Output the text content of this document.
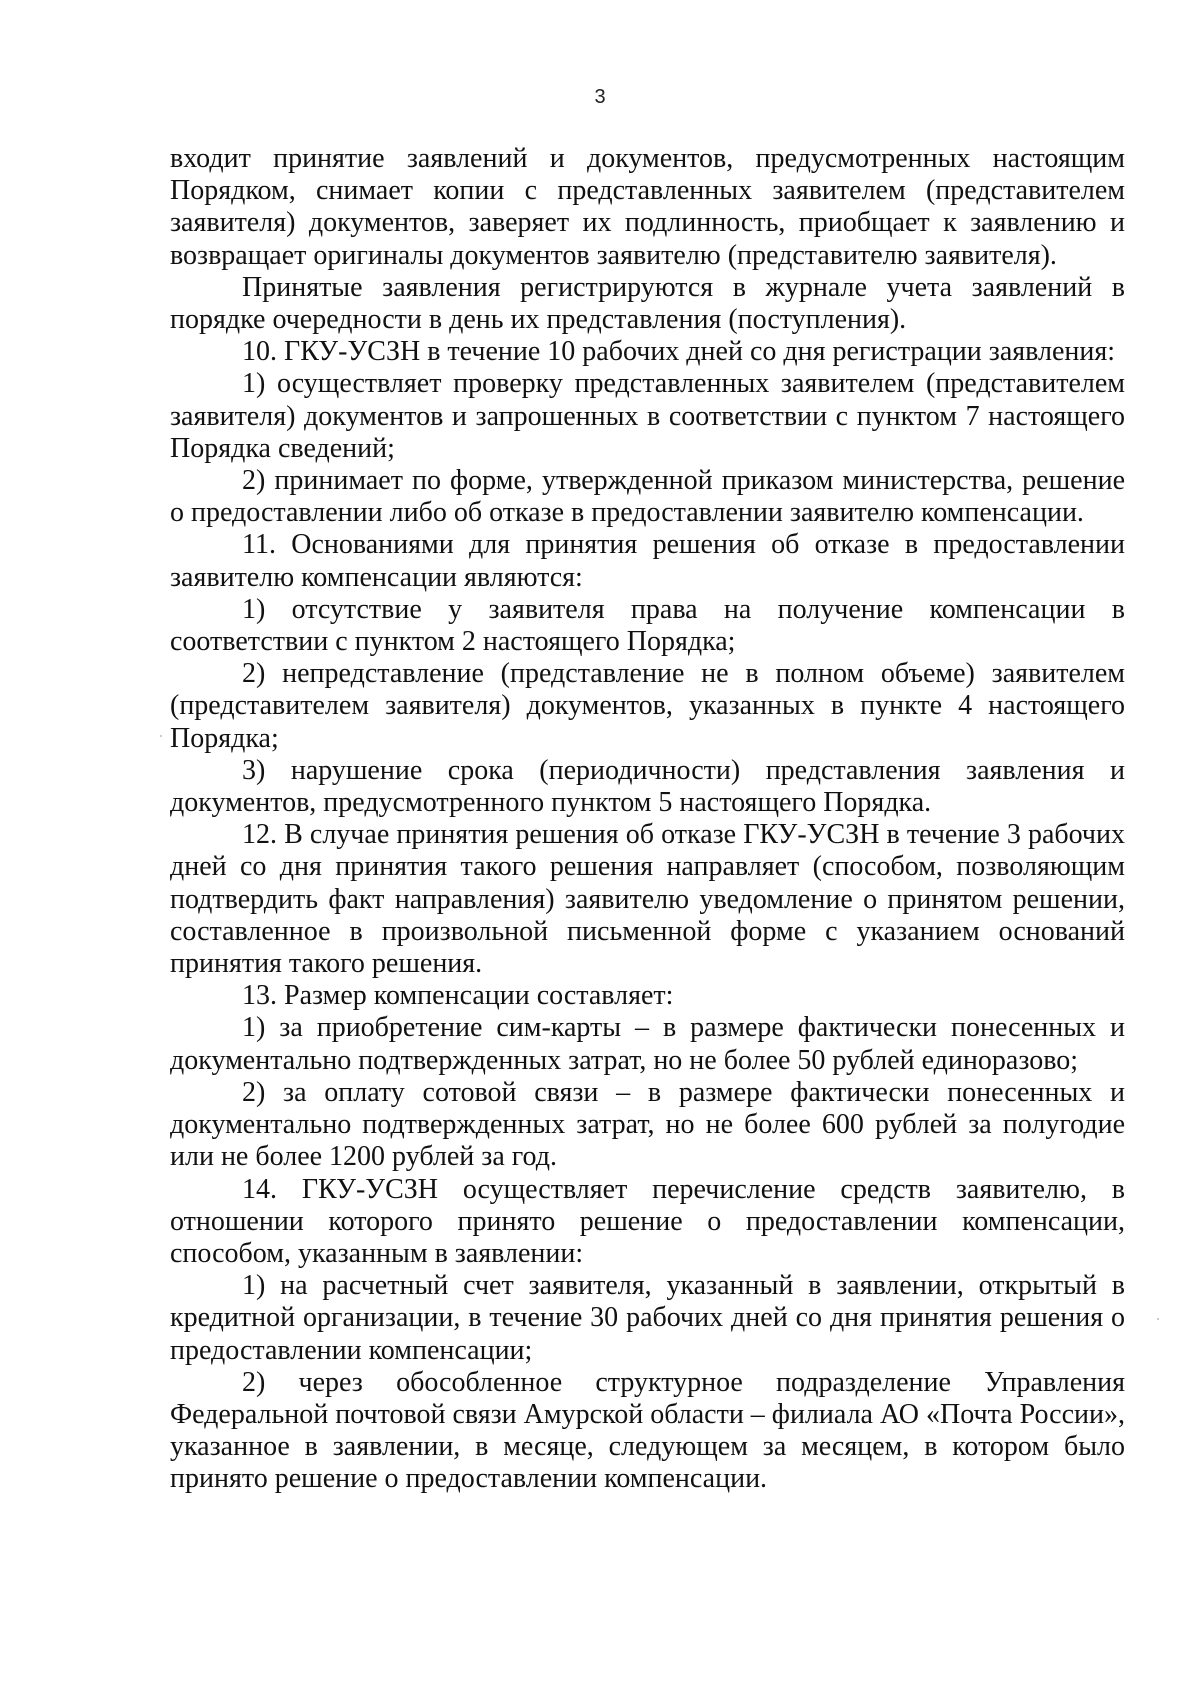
3

входит принятие заявлений и документов, предусмотренных настоящим Порядком, снимает копии с представленных заявителем (представителем заявителя) документов, заверяет их подлинность, приобщает к заявлению и возвращает оригиналы документов заявителю (представителю заявителя).

Принятые заявления регистрируются в журнале учета заявлений в порядке очередности в день их представления (поступления).

10. ГКУ-УСЗН в течение 10 рабочих дней со дня регистрации заявления:

1) осуществляет проверку представленных заявителем (представителем заявителя) документов и запрошенных в соответствии с пунктом 7 настоящего Порядка сведений;

2) принимает по форме, утвержденной приказом министерства, решение о предоставлении либо об отказе в предоставлении заявителю компенсации.

11. Основаниями для принятия решения об отказе в предоставлении заявителю компенсации являются:

1) отсутствие у заявителя права на получение компенсации в соответствии с пунктом 2 настоящего Порядка;

2) непредставление (представление не в полном объеме) заявителем (представителем заявителя) документов, указанных в пункте 4 настоящего Порядка;

3) нарушение срока (периодичности) представления заявления и документов, предусмотренного пунктом 5 настоящего Порядка.

12. В случае принятия решения об отказе ГКУ-УСЗН в течение 3 рабочих дней со дня принятия такого решения направляет (способом, позволяющим подтвердить факт направления) заявителю уведомление о принятом решении, составленное в произвольной письменной форме с указанием оснований принятия такого решения.

13. Размер компенсации составляет:

1) за приобретение сим-карты – в размере фактически понесенных и документально подтвержденных затрат, но не более 50 рублей единоразово;

2) за оплату сотовой связи – в размере фактически понесенных и документально подтвержденных затрат, но не более 600 рублей за полугодие или не более 1200 рублей за год.

14. ГКУ-УСЗН осуществляет перечисление средств заявителю, в отношении которого принято решение о предоставлении компенсации, способом, указанным в заявлении:

1) на расчетный счет заявителя, указанный в заявлении, открытый в кредитной организации, в течение 30 рабочих дней со дня принятия решения о предоставлении компенсации;

2) через обособленное структурное подразделение Управления Федеральной почтовой связи Амурской области – филиала АО «Почта России», указанное в заявлении, в месяце, следующем за месяцем, в котором было принято решение о предоставлении компенсации.
